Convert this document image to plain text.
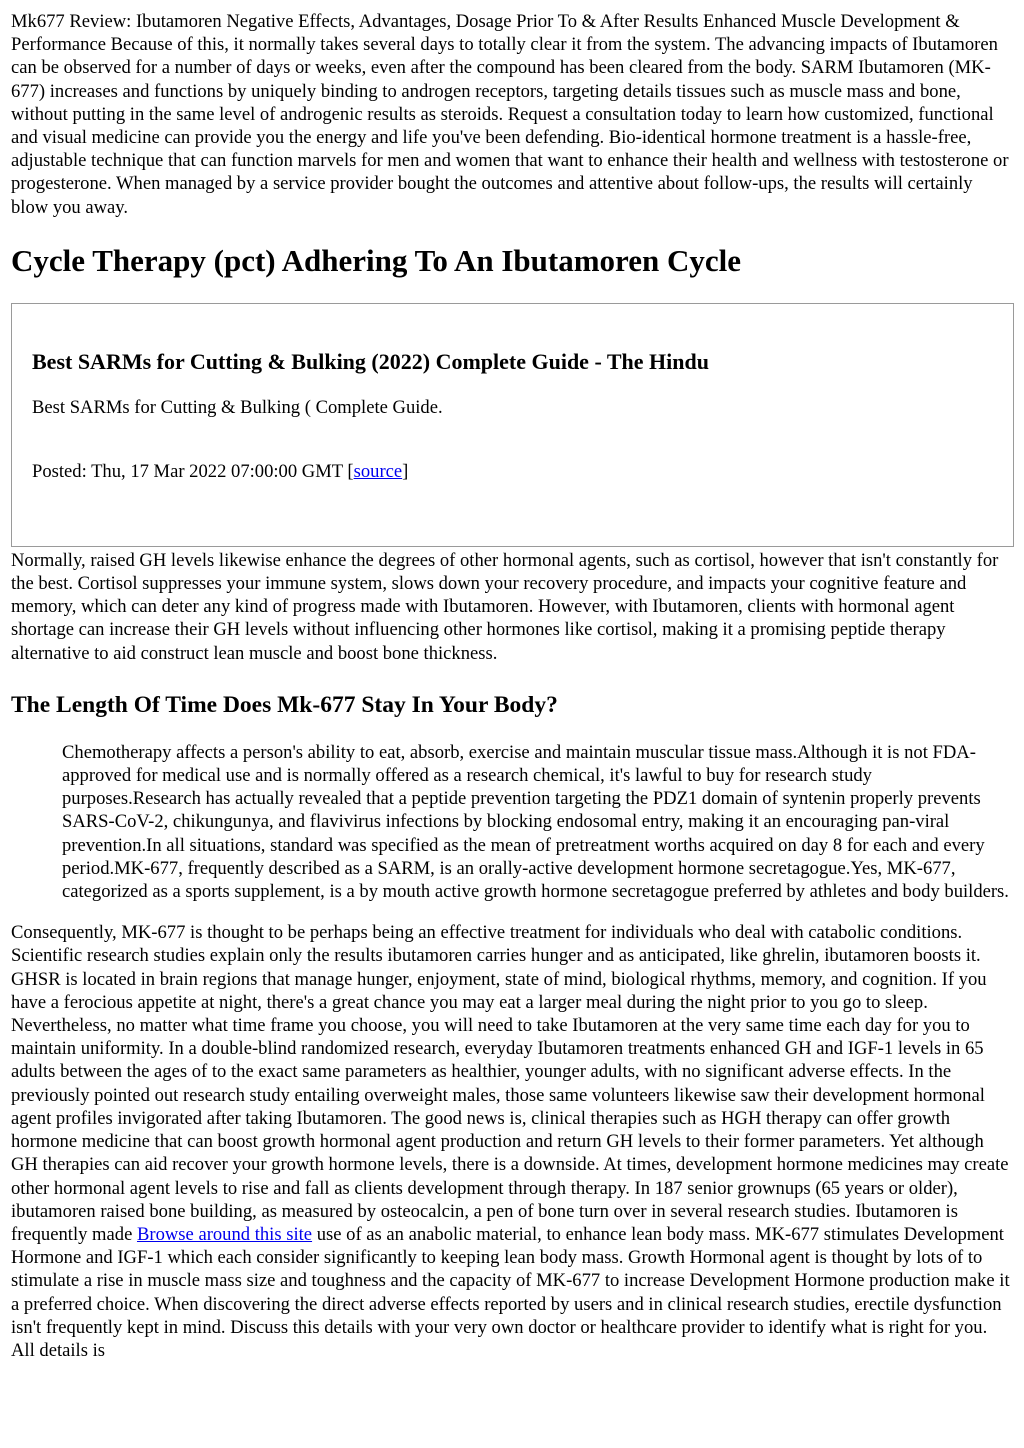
Mk677 Review: Ibutamoren Negative Effects, Advantages, Dosage Prior To & After Results Enhanced Muscle Development & Performance Because of this, it normally takes several days to totally clear it from the system. The advancing impacts of Ibutamoren can be observed for a number of days or weeks, even after the compound has been cleared from the body. SARM Ibutamoren (MK-677) increases and functions by uniquely binding to androgen receptors, targeting details tissues such as muscle mass and bone, without putting in the same level of androgenic results as steroids. Request a consultation today to learn how customized, functional and visual medicine can provide you the energy and life you've been defending. Bio-identical hormone treatment is a hassle-free, adjustable technique that can function marvels for men and women that want to enhance their health and wellness with testosterone or progesterone. When managed by a service provider bought the outcomes and attentive about follow-ups, the results will certainly blow you away.

Cycle Therapy (pct) Adhering To An Ibutamoren Cycle
Best SARMs for Cutting & Bulking (2022) Complete Guide - The Hindu

Best SARMs for Cutting & Bulking ( Complete Guide.

Posted: Thu, 17 Mar 2022 07:00:00 GMT [source]

Normally, raised GH levels likewise enhance the degrees of other hormonal agents, such as cortisol, however that isn't constantly for the best. Cortisol suppresses your immune system, slows down your recovery procedure, and impacts your cognitive feature and memory, which can deter any kind of progress made with Ibutamoren. However, with Ibutamoren, clients with hormonal agent shortage can increase their GH levels without influencing other hormones like cortisol, making it a promising peptide therapy alternative to aid construct lean muscle and boost bone thickness.

The Length Of Time Does Mk-677 Stay In Your Body?

Chemotherapy affects a person's ability to eat, absorb, exercise and maintain muscular tissue mass.Although it is not FDA-approved for medical use and is normally offered as a research chemical, it's lawful to buy for research study purposes.Research has actually revealed that a peptide prevention targeting the PDZ1 domain of syntenin properly prevents SARS-CoV-2, chikungunya, and flavivirus infections by blocking endosomal entry, making it an encouraging pan-viral prevention.In all situations, standard was specified as the mean of pretreatment worths acquired on day 8 for each and every period.MK-677, frequently described as a SARM, is an orally-active development hormone secretagogue.Yes, MK-677, categorized as a sports supplement, is a by mouth active growth hormone secretagogue preferred by athletes and body builders.

Consequently, MK-677 is thought to be perhaps being an effective treatment for individuals who deal with catabolic conditions. Scientific research studies explain only the results ibutamoren carries hunger and as anticipated, like ghrelin, ibutamoren boosts it. GHSR is located in brain regions that manage hunger, enjoyment, state of mind, biological rhythms, memory, and cognition. If you have a ferocious appetite at night, there's a great chance you may eat a larger meal during the night prior to you go to sleep. Nevertheless, no matter what time frame you choose, you will need to take Ibutamoren at the very same time each day for you to maintain uniformity. In a double-blind randomized research, everyday Ibutamoren treatments enhanced GH and IGF-1 levels in 65 adults between the ages of to the exact same parameters as healthier, younger adults, with no significant adverse effects. In the previously pointed out research study entailing overweight males, those same volunteers likewise saw their development hormonal agent profiles invigorated after taking Ibutamoren. The good news is, clinical therapies such as HGH therapy can offer growth hormone medicine that can boost growth hormonal agent production and return GH levels to their former parameters. Yet although GH therapies can aid recover your growth hormone levels, there is a downside. At times, development hormone medicines may create other hormonal agent levels to rise and fall as clients development through therapy. In 187 senior grownups (65 years or older), ibutamoren raised bone building, as measured by osteocalcin, a pen of bone turn over in several research studies. Ibutamoren is frequently made Browse around this site use of as an anabolic material, to enhance lean body mass. MK-677 stimulates Development Hormone and IGF-1 which each consider significantly to keeping lean body mass. Growth Hormonal agent is thought by lots of to stimulate a rise in muscle mass size and toughness and the capacity of MK-677 to increase Development Hormone production make it a preferred choice. When discovering the direct adverse effects reported by users and in clinical research studies, erectile dysfunction isn't frequently kept in mind. Discuss this details with your very own doctor or healthcare provider to identify what is right for you. All details is
